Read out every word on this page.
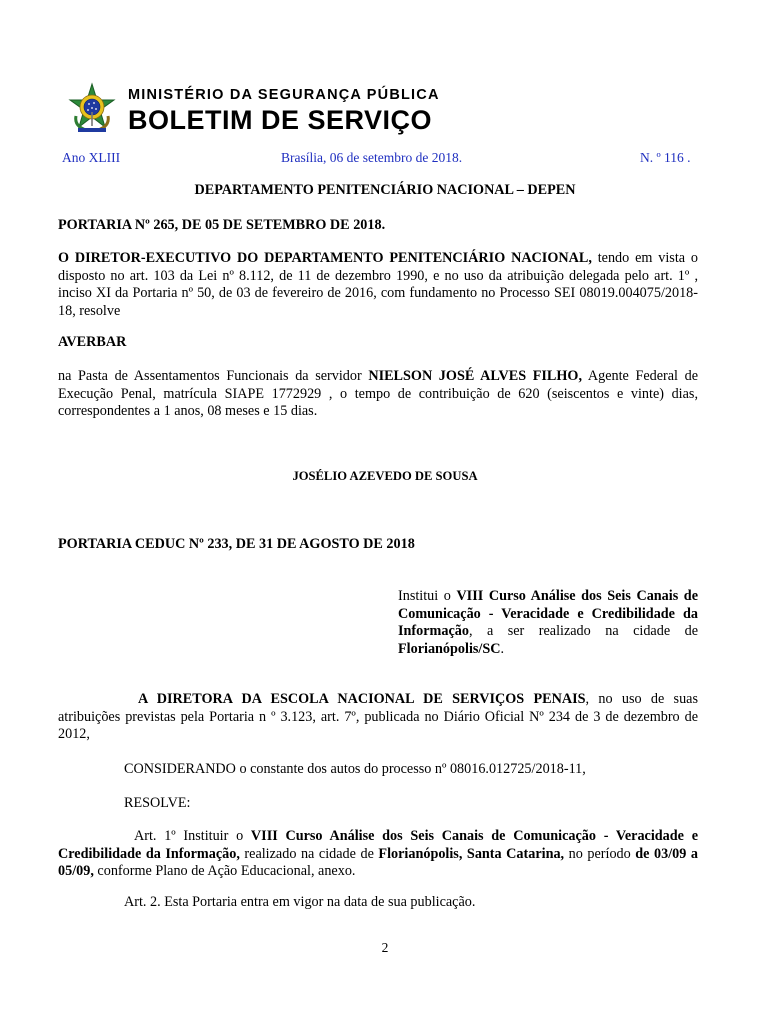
MINISTÉRIO DA SEGURANÇA PÚBLICA
BOLETIM DE SERVIÇO
Ano XLIII	Brasília, 06 de setembro de 2018.	N. º 116 .
DEPARTAMENTO PENITENCIÁRIO NACIONAL – DEPEN
PORTARIA Nº 265, DE 05 DE SETEMBRO DE 2018.
O DIRETOR-EXECUTIVO DO DEPARTAMENTO PENITENCIÁRIO NACIONAL, tendo em vista o disposto no art. 103 da Lei nº 8.112, de 11 de dezembro 1990, e no uso da atribuição delegada pelo art. 1º , inciso XI da Portaria nº 50, de 03 de fevereiro de 2016, com fundamento no Processo SEI 08019.004075/2018-18, resolve
AVERBAR
na Pasta de Assentamentos Funcionais da servidor NIELSON JOSÉ ALVES FILHO, Agente Federal de Execução Penal, matrícula SIAPE 1772929 , o tempo de contribuição de 620 (seiscentos e vinte) dias, correspondentes a 1 anos, 08 meses e 15 dias.
JOSÉLIO AZEVEDO DE SOUSA
PORTARIA CEDUC Nº 233, DE 31 DE AGOSTO DE 2018
Institui o VIII Curso Análise dos Seis Canais de Comunicação - Veracidade e Credibilidade da Informação, a ser realizado na cidade de Florianópolis/SC.
A DIRETORA DA ESCOLA NACIONAL DE SERVIÇOS PENAIS, no uso de suas atribuições previstas pela Portaria n º 3.123, art. 7º, publicada no Diário Oficial Nº 234 de 3 de dezembro de 2012,
CONSIDERANDO o constante dos autos do processo nº 08016.012725/2018-11,
RESOLVE:
Art. 1º Instituir o VIII Curso Análise dos Seis Canais de Comunicação - Veracidade e Credibilidade da Informação, realizado na cidade de Florianópolis, Santa Catarina, no período de 03/09 a 05/09, conforme Plano de Ação Educacional, anexo.
Art. 2. Esta Portaria entra em vigor na data de sua publicação.
2
